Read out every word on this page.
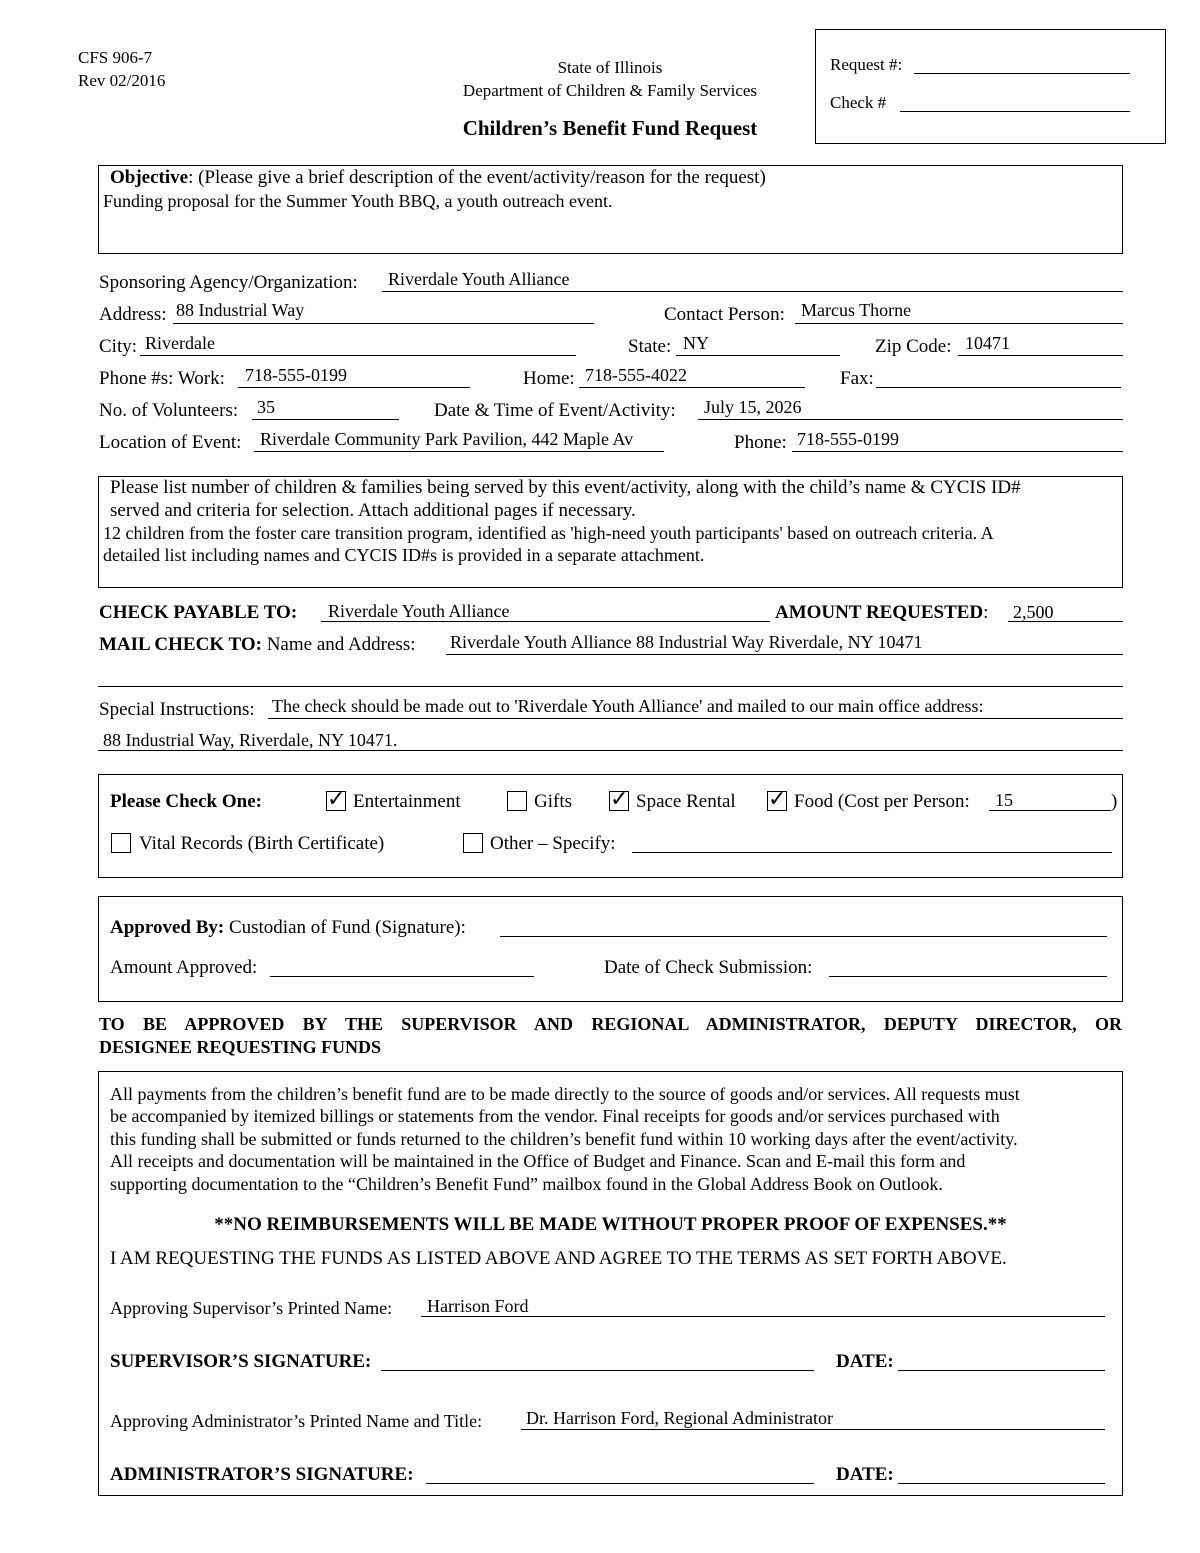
CFS 906-7
Rev 02/2016
State of Illinois
Department of Children & Family Services
Children’s Benefit Fund Request
Request #:
Check #
Objective: (Please give a brief description of the event/activity/reason for the request)
Funding proposal for the Summer Youth BBQ, a youth outreach event.
Sponsoring Agency/Organization: Riverdale Youth Alliance
Address: 88 Industrial Way	Contact Person: Marcus Thorne
City: Riverdale	State: NY	Zip Code: 10471
Phone #s: Work: 718-555-0199	Home: 718-555-4022	Fax:
No. of Volunteers: 35	Date & Time of Event/Activity: July 15, 2026
Location of Event: Riverdale Community Park Pavilion, 442 Maple Av	Phone: 718-555-0199
Please list number of children & families being served by this event/activity, along with the child’s name & CYCIS ID#
served and criteria for selection. Attach additional pages if necessary.
12 children from the foster care transition program, identified as 'high-need youth participants' based on outreach criteria. A
detailed list including names and CYCIS ID#s is provided in a separate attachment.
CHECK PAYABLE TO: Riverdale Youth Alliance	AMOUNT REQUESTED: 2,500
MAIL CHECK TO: Name and Address: Riverdale Youth Alliance 88 Industrial Way Riverdale, NY 10471
Special Instructions: The check should be made out to 'Riverdale Youth Alliance' and mailed to our main office address:
88 Industrial Way, Riverdale, NY 10471.
Please Check One:	✓ Entertainment	Gifts ✓ Space Rental ✓ Food (Cost per Person: 15	)
Vital Records (Birth Certificate)	Other – Specify:
Approved By: Custodian of Fund (Signature):
Amount Approved:	Date of Check Submission:
TO BE APPROVED BY THE SUPERVISOR AND REGIONAL ADMINISTRATOR, DEPUTY DIRECTOR, OR
DESIGNEE REQUESTING FUNDS
All payments from the children’s benefit fund are to be made directly to the source of goods and/or services. All requests must
be accompanied by itemized billings or statements from the vendor. Final receipts for goods and/or services purchased with
this funding shall be submitted or funds returned to the children’s benefit fund within 10 working days after the event/activity.
All receipts and documentation will be maintained in the Office of Budget and Finance. Scan and E-mail this form and
supporting documentation to the “Children’s Benefit Fund” mailbox found in the Global Address Book on Outlook.
**NO REIMBURSEMENTS WILL BE MADE WITHOUT PROPER PROOF OF EXPENSES.**
I AM REQUESTING THE FUNDS AS LISTED ABOVE AND AGREE TO THE TERMS AS SET FORTH ABOVE.
Approving Supervisor’s Printed Name: Harrison Ford
SUPERVISOR’S SIGNATURE:	DATE:
Approving Administrator’s Printed Name and Title: Dr. Harrison Ford, Regional Administrator
ADMINISTRATOR’S SIGNATURE:	DATE:
